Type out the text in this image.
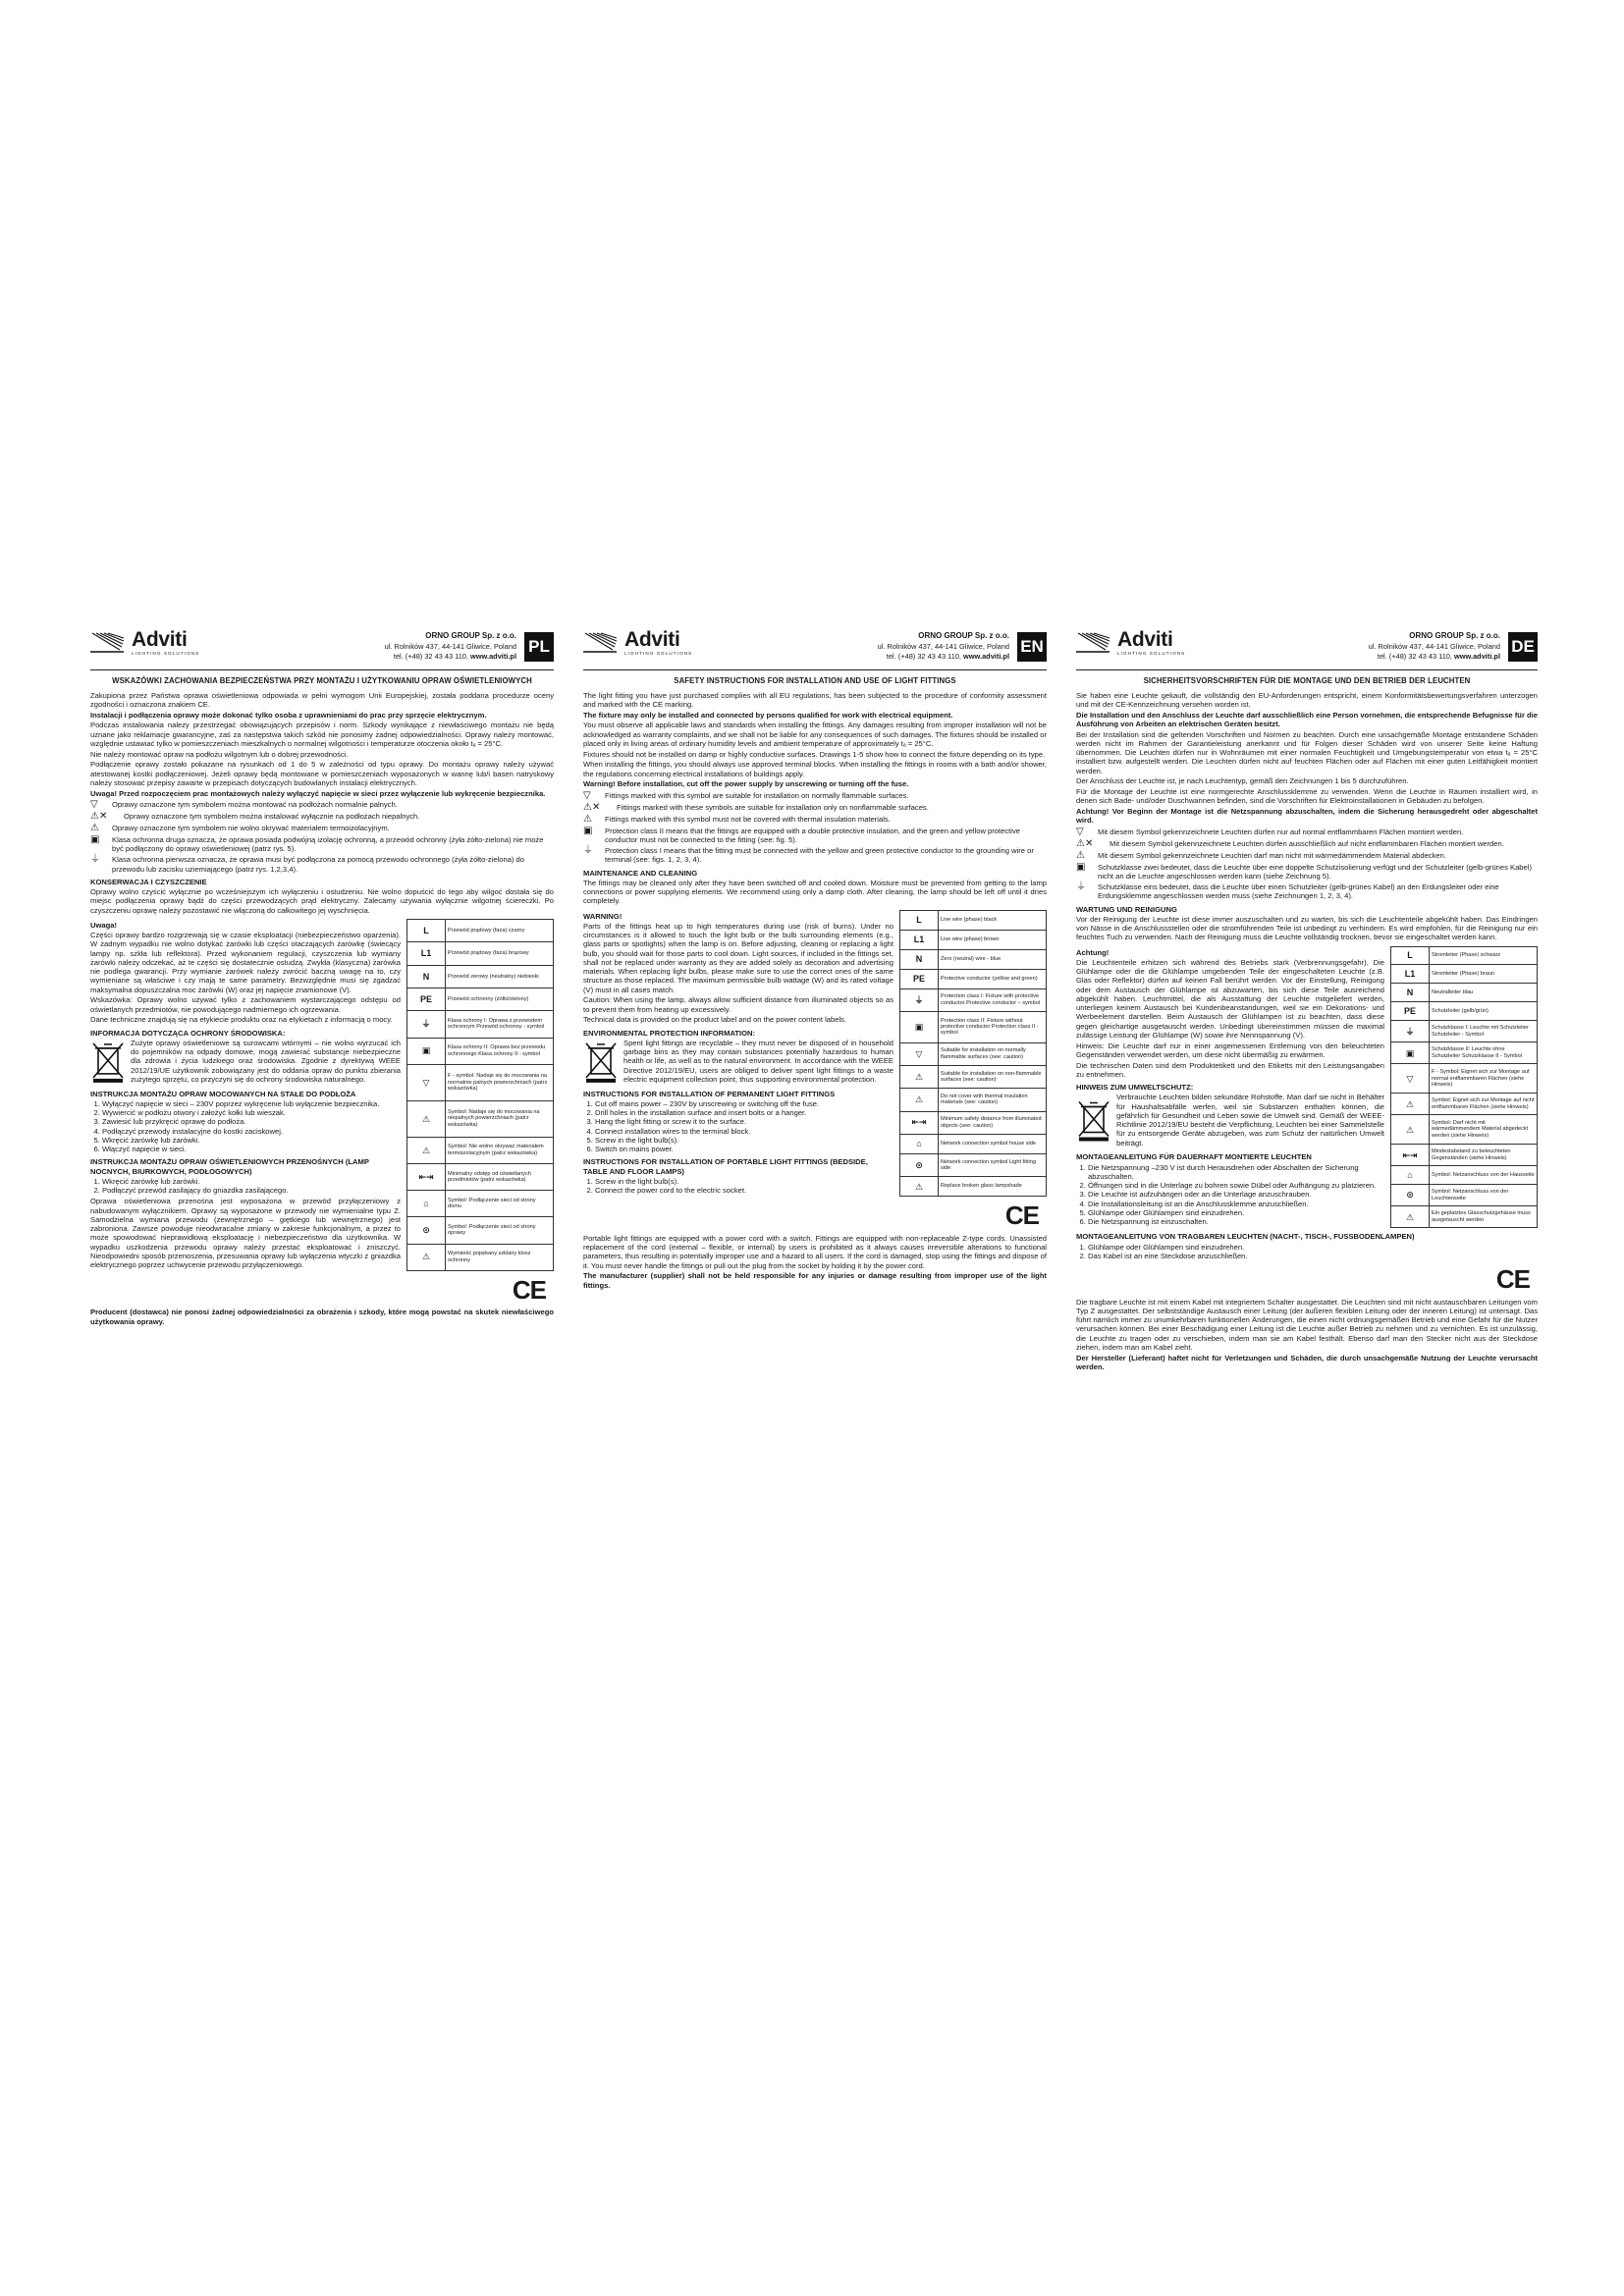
Adviti
LIGHTING SOLUTIONS
ORNO GROUP Sp. z o.o.
ul. Rolników 437, 44-141 Gliwice, Poland
tel. (+48) 32 43 43 110, www.adviti.pl
PL
WSKAZÓWKI ZACHOWANIA BEZPIECZEŃSTWA PRZY MONTAŻU I UŻYTKOWANIU OPRAW OŚWIETLENIOWYCH

Zakupiona przez Państwa oprawa oświetleniowa odpowiada w pełni wymogom Unii Europejskiej, została poddana procedurze oceny zgodności i oznaczona znakiem CE.

Instalacji i podłączenia oprawy może dokonać tylko osoba z uprawnieniami do prac przy sprzęcie elektrycznym.

Podczas instalowania należy przestrzegać obowiązujących przepisów i norm. Szkody wynikające z niewłaściwego montażu nie będą uznane jako reklamacje gwarancyjne, zaś za następstwa takich szkód nie ponosimy żadnej odpowiedzialności. Oprawy należy montować, względnie ustawiać tylko w pomieszczeniach mieszkalnych o normalnej wilgotności i temperaturze otoczenia około tₐ = 25°C.

Nie należy montować opraw na podłożu wilgotnym lub o dobrej przewodności.

Podłączenie oprawy zostało pokazane na rysunkach od 1 do 5 w zależności od typu oprawy. Do montażu oprawy należy używać atestowanej kostki podłączeniowej. Jeżeli oprawy będą montowane w pomieszczeniach wyposażonych w wannę lub/i basen natryskowy należy stosować przepisy zawarte w przepisach dotyczących budowlanych instalacji elektrycznych.

Uwaga! Przed rozpoczęciem prac montażowych należy wyłączyć napięcie w sieci przez wyłączenie lub wykręcenie bezpiecznika.

▽	Oprawy oznaczone tym symbolem można montować na podłożach normalnie palnych.
⚠✕	Oprawy oznaczone tym symbolem można instalować wyłącznie na podłożach niepalnych.
⚠	Oprawy oznaczone tym symbolem nie wolno okrywać materiałem termoizolacyjnym.
▣	Klasa ochronna druga oznacza, że oprawa posiada podwójną izolację ochronną, a przewód ochronny (żyła żółto-zielona) nie może być podłączony do oprawy oświetleniowej (patrz rys. 5).
⏚	Klasa ochronna pierwsza oznacza, że oprawa musi być podłączona za pomocą przewodu ochronnego (żyła żółto-zielona) do przewodu lub zacisku uziemiającego (patrz rys. 1,2,3,4).
KONSERWACJA I CZYSZCZENIE

Oprawy wolno czyścić wyłącznie po wcześniejszym ich wyłączeniu i ostudzeniu. Nie wolno dopuścić do tego aby wilgoć dostała się do miejsc podłączenia oprawy bądź do części przewodzących prąd elektryczny. Zalecamy używania wyłącznie wilgotnej ściereczki. Po czyszczeniu oprawę należy pozostawić nie włączoną do całkowitego jej wyschnięcia.

Uwaga!

Części oprawy bardzo rozgrzewają się w czasie eksploatacji (niebezpieczeństwo oparzenia). W żadnym wypadku nie wolno dotykać żarówki lub części otaczających żarówkę (świecący lampy np. szkła lub reflektora). Przed wykonaniem regulacji, czyszczenia lub wymiany żarówki należy odczekać, aż te części się dostatecznie ostudzą. Zwykła (klasyczna) żarówka nie podlega gwarancji. Przy wymianie żarówek należy zwrócić baczną uwagę na to, czy wymieniane są właściwe i czy mają te same parametry. Bezwzględnie musi się zgadzać maksymalna dopuszczalna moc żarówki (W) oraz jej napięcie znamionowe (V).

Wskazówka: Oprawy wolno używać tylko z zachowaniem wystarczającego odstępu od oświetlanych przedmiotów, nie powodującego nadmiernego ich ogrzewania.

Dane techniczne znajdują się na etykiecie produktu oraz na etykietach z informacją o mocy.

INFORMACJA DOTYCZĄCA OCHRONY ŚRODOWISKA:

Zużyte oprawy oświetleniowe są surowcami wtórnymi – nie wolno wyrzucać ich do pojemników na odpady domowe, mogą zawierać substancje niebezpieczne dla zdrowia i życia ludzkiego oraz środowiska. Zgodnie z dyrektywą WEEE 2012/19/UE użytkownik zobowiązany jest do oddania opraw do punktu zbierania zużytego sprzętu, co przyczyni się do ochrony środowiska naturalnego.

INSTRUKCJA MONTAŻU OPRAW MOCOWANYCH NA STAŁE DO PODŁOŻA
1. Wyłączyć napięcie w sieci – 230V poprzez wykręcenie lub wyłączenie bezpiecznika.
2. Wywiercić w podłożu otwory i założyć kołki lub wieszak.
3. Zawiesić lub przykręcić oprawę do podłoża.
4. Podłączyć przewody instalacyjne do kostki zaciskowej.
5. Wkręcić żarówkę lub żarówki.
6. Włączyć napięcie w sieci.
INSTRUKCJA MONTAŻU OPRAW OŚWIETLENIOWYCH PRZENOŚNYCH (LAMP NOCNYCH, BIURKOWYCH, PODŁOGOWYCH)
1. Wkręcić żarówkę lub żarówki.
2. Podłączyć przewód zasilający do gniazdka zasilającego.

Oprawa oświetleniowa przenośna jest wyposażona w przewód przyłączeniowy z nabudowanym wyłącznikiem. Oprawy są wyposażone w przewody nie wymienialne typu Z. Samodzielna wymiana przewodu (zewnętrznego – giętkiego lub wewnętrznego) jest zabroniona. Zawsze powoduje nieodwracalne zmiany w zakresie funkcjonalnym, a przez to może spowodować nieprawidłową eksploatację i niebezpieczeństwo dla użytkownika. W wypadku uszkodzenia przewodu oprawy należy przestać eksploatować i zniszczyć. Nieodpowiedni sposób przenoszenia, przesuwania oprawy lub wyłączenia wtyczki z gniazdka elektrycznego poprzez uchwycenie przewodu przyłączeniowego.

L	Przewód prądowy (faza) czarny
L1	Przewód prądowy (faza) brązowy
N	Przewód zerowy (neutralny) niebieski
PE	Przewód ochronny (żółto/zielony)
⏚	Klasa ochrony I: Oprawa z przewodem ochronnym Przewód ochronny - symbol
▣	Klasa ochrony II: Oprawa bez przewodu ochronnego Klasa ochrony II - symbol
▽	F - symbol: Nadaje się do mocowania na normalnie palnych powierzchniach (patrz wskazówka)
⚠	Symbol: Nadaje się do mocowania na niepalnych powierzchniach (patrz wskazówka)
⚠	Symbol: Nie wolno okrywać materiałem termoizolacyjnym (patrz wskazówka)
⇤⇥	Minimalny odstęp od oświetlanych przedmiotów (patrz wskazówka)
⌂	Symbol: Podłączenie sieci od strony domu
⊙	Symbol: Podłączenie sieci od strony oprawy
⚠	Wymienić popękany szklany klosz ochronny
CE

Producent (dostawca) nie ponosi żadnej odpowiedzialności za obrażenia i szkody, które mogą powstać na skutek niewłaściwego użytkowania oprawy.

Adviti
LIGHTING SOLUTIONS
ORNO GROUP Sp. z o.o.
ul. Rolników 437, 44-141 Gliwice, Poland
tel. (+48) 32 43 43 110, www.adviti.pl
EN
SAFETY INSTRUCTIONS FOR INSTALLATION AND USE OF LIGHT FITTINGS

The light fitting you have just purchased complies with all EU regulations, has been subjected to the procedure of conformity assessment and marked with the CE marking.

The fixture may only be installed and connected by persons qualified for work with electrical equipment.

You must observe all applicable laws and standards when installing the fittings. Any damages resulting from improper installation will not be acknowledged as warranty complaints, and we shall not be liable for any consequences of such damages. The fixtures should be installed or placed only in living areas of ordinary humidity levels and ambient temperature of approximately tₐ = 25°C.

Fixtures should not be installed on damp or highly conductive surfaces. Drawings 1-5 show how to connect the fixture depending on its type.

When installing the fittings, you should always use approved terminal blocks. When installing the fittings in rooms with a bath and/or shower, the regulations concerning electrical installations of buildings apply.

Warning! Before installation, cut off the power supply by unscrewing or turning off the fuse.

▽	Fittings marked with this symbol are suitable for installation on normally flammable surfaces.
⚠✕	Fittings marked with these symbols are suitable for installation only on nonflammable surfaces.
⚠	Fittings marked with this symbol must not be covered with thermal insulation materials.
▣	Protection class II means that the fittings are equipped with a double protective insulation, and the green and yellow protective conductor must not be connected to the fitting (see: fig. 5).
⏚	Protection class I means that the fitting must be connected with the yellow and green protective conductor to the grounding wire or terminal (see: figs. 1, 2, 3, 4).
MAINTENANCE AND CLEANING

The fittings may be cleaned only after they have been switched off and cooled down. Moisture must be prevented from getting to the lamp connections or power supplying elements. We recommend using only a damp cloth. After cleaning, the lamp should be left off until it dries completely.

WARNING!

Parts of the fittings heat up to high temperatures during use (risk of burns). Under no circumstances is it allowed to touch the light bulb or the bulb surrounding elements (e.g., glass parts or spotlights) when the lamp is on. Before adjusting, cleaning or replacing a light bulb, you should wait for those parts to cool down. Light sources, if included in the fittings set, shall not be replaced under warranty as they are added solely as decoration and advertising materials. When replacing light bulbs, please make sure to use the correct ones of the same structure as those replaced. The maximum permissible bulb wattage (W) and its rated voltage (V) must in all cases match.

Caution: When using the lamp, always allow sufficient distance from illuminated objects so as to prevent them from heating up excessively.

Technical data is provided on the product label and on the power content labels.

ENVIRONMENTAL PROTECTION INFORMATION:

Spent light fittings are recyclable – they must never be disposed of in household garbage bins as they may contain substances potentially hazardous to human health or life, as well as to the natural environment. In accordance with the WEEE Directive 2012/19/EU, users are obliged to deliver spent light fittings to a waste electric equipment collection point, thus supporting environmental protection.

INSTRUCTIONS FOR INSTALLATION OF PERMANENT LIGHT FITTINGS
1. Cut off mains power – 230V by unscrewing or switching off the fuse.
2. Drill holes in the installation surface and insert bolts or a hanger.
3. Hang the light fitting or screw it to the surface.
4. Connect installation wires to the terminal block.
5. Screw in the light bulb(s).
6. Switch on mains power.
INSTRUCTIONS FOR INSTALLATION OF PORTABLE LIGHT FITTINGS (BEDSIDE, TABLE AND FLOOR LAMPS)
1. Screw in the light bulb(s).
2. Connect the power cord to the electric socket.
L	Live wire (phase) black
L1	Live wire (phase) brown
N	Zero (neutral) wire - blue
PE	Protective conductor (yellow and green)
⏚	Protection class I: Fixture with protective conductor Protective conductor – symbol
▣	Protection class II: Fixture without protective conductor Protection class II - symbol
▽	Suitable for installation on normally flammable surfaces (see: caution)
⚠	Suitable for installation on non-flammable surfaces (see: caution)
⚠	Do not cover with thermal insulation materials (see: caution)
⇤⇥	Minimum safety distance from illuminated objects (see: caution)
⌂	Network connection symbol house side
⊙	Network connection symbol Light fitting side
⚠	Replace broken glass lampshade
CE

Portable light fittings are equipped with a power cord with a switch. Fittings are equipped with non-replaceable Z-type cords. Unassisted replacement of the cord (external – flexible, or internal) by users is prohibited as it always causes irreversible alterations to functional parameters, thus resulting in potentially improper use and a hazard to all users. If the cord is damaged, stop using the fittings and dispose of it. You must never handle the fittings or pull out the plug from the socket by holding it by the power cord.

The manufacturer (supplier) shall not be held responsible for any injuries or damage resulting from improper use of the light fittings.

Adviti
LIGHTING SOLUTIONS
ORNO GROUP Sp. z o.o.
ul. Rolników 437, 44-141 Gliwice, Poland
tel. (+48) 32 43 43 110, www.adviti.pl
DE
SICHERHEITSVORSCHRIFTEN FÜR DIE MONTAGE UND DEN BETRIEB DER LEUCHTEN

Sie haben eine Leuchte gekauft, die vollständig den EU-Anforderungen entspricht, einem Konformitätsbewertungsverfahren unterzogen und mit der CE-Kennzeichnung versehen worden ist.

Die Installation und den Anschluss der Leuchte darf ausschließlich eine Person vornehmen, die entsprechende Befugnisse für die Ausführung von Arbeiten an elektrischen Geräten besitzt.

Bei der Installation sind die geltenden Vorschriften und Normen zu beachten. Durch eine unsachgemäße Montage entstandene Schäden werden nicht im Rahmen der Garantieleistung anerkannt und für Folgen dieser Schäden wird von unserer Seite keine Haftung übernommen. Die Leuchten dürfen nur in Wohnräumen mit einer normalen Feuchtigkeit und Umgebungstemperatur von etwa tₐ = 25°C installiert bzw. aufgestellt werden. Die Leuchten dürfen nicht auf feuchten Flächen oder auf Flächen mit einer guten Leitfähigkeit montiert werden.

Der Anschluss der Leuchte ist, je nach Leuchtentyp, gemäß den Zeichnungen 1 bis 5 durchzuführen.

Für die Montage der Leuchte ist eine normgerechte Anschlussklemme zu verwenden. Wenn die Leuchte in Räumen installiert wird, in denen sich Bade- und/oder Duschwannen befinden, sind die Vorschriften für Elektroinstallationen in Gebäuden zu befolgen.

Achtung! Vor Beginn der Montage ist die Netzspannung abzuschalten, indem die Sicherung herausgedreht oder abgeschaltet wird.

▽	Mit diesem Symbol gekennzeichnete Leuchten dürfen nur auf normal entflammbaren Flächen montiert werden.
⚠✕	Mit diesem Symbol gekennzeichnete Leuchten dürfen ausschließlich auf nicht entflammbaren Flächen montiert werden.
⚠	Mit diesem Symbol gekennzeichnete Leuchten darf man nicht mit wärmedämmendem Material abdecken.
▣	Schutzklasse zwei bedeutet, dass die Leuchte über eine doppelte Schutzisolierung verfügt und der Schutzleiter (gelb-grünes Kabel) nicht an die Leuchte angeschlossen werden kann (siehe Zeichnung 5).
⏚	Schutzklasse eins bedeutet, dass die Leuchte über einen Schutzleiter (gelb-grünes Kabel) an den Erdungsleiter oder eine Erdungsklemme angeschlossen werden muss (siehe Zeichnungen 1, 2, 3, 4).
WARTUNG UND REINIGUNG

Vor der Reinigung der Leuchte ist diese immer auszuschalten und zu warten, bis sich die Leuchtenteile abgekühlt haben. Das Eindringen von Nässe in die Anschlussstellen oder die stromführenden Teile ist unbedingt zu verhindern. Es wird empfohlen, für die Reinigung nur ein feuchtes Tuch zu verwenden. Nach der Reinigung muss die Leuchte vollständig trocknen, bevor sie eingeschaltet werden kann.

Achtung!

Die Leuchtenteile erhitzen sich während des Betriebs stark (Verbrennungsgefahr). Die Glühlampe oder die die Glühlampe umgebenden Teile der eingeschalteten Leuchte (z.B. Glas oder Reflektor) dürfen auf keinen Fall berührt werden. Vor der Einstellung, Reinigung oder dem Austausch der Glühlampe ist abzuwarten, bis sich diese Teile ausreichend abgekühlt haben. Leuchtmittel, die als Ausstattung der Leuchte mitgeliefert werden, unterliegen keinem Austausch bei Kundenbeanstandungen, weil sie ein Dekorations- und Werbeelement darstellen. Beim Austausch der Glühlampen ist zu beachten, dass diese gegen gleichartige ausgetauscht werden. Unbedingt übereinstimmen müssen die maximal zulässige Leistung der Glühlampe (W) sowie ihre Nennspannung (V).

Hinweis: Die Leuchte darf nur in einer angemessenen Entfernung von den beleuchteten Gegenständen verwendet werden, um diese nicht übermäßig zu erwärmen.

Die technischen Daten sind dem Produktetikett und den Etiketts mit den Leistungsangaben zu entnehmen.

HINWEIS ZUM UMWELTSCHUTZ:

Verbrauchte Leuchten bilden sekundäre Rohstoffe. Man darf sie nicht in Behälter für Haushaltsabfälle werfen, weil sie Substanzen enthalten können, die gefährlich für Gesundheit und Leben sowie die Umwelt sind. Gemäß der WEEE-Richtlinie 2012/19/EU besteht die Verpflichtung, Leuchten bei einer Sammelstelle für zu entsorgende Geräte abzugeben, was zum Schutz der natürlichen Umwelt beiträgt.

MONTAGEANLEITUNG FÜR DAUERHAFT MONTIERTE LEUCHTEN
1. Die Netzspannung –230 V ist durch Herausdrehen oder Abschalten der Sicherung abzuschalten.
2. Öffnungen sind in die Unterlage zu bohren sowie Dübel oder Aufhängung zu platzieren.
3. Die Leuchte ist aufzuhängen oder an die Unterlage anzuschrauben.
4. Die Installationsleitung ist an die Anschlussklemme anzuschließen.
5. Glühlampe oder Glühlampen sind einzudrehen.
6. Die Netzspannung ist einzuschalten.
L	Stromleiter (Phase) schwarz
L1	Stromleiter (Phase) braun
N	Neutralleiter blau
PE	Schutzleiter (gelb/grün)
⏚	Schutzklasse I: Leuchte mit Schutzleiter Schutzleiter - Symbol
▣	Schutzklasse II: Leuchte ohne Schutzleiter Schutzklasse II - Symbol
▽	F - Symbol: Eignet sich zur Montage auf normal entflammbaren Flächen (siehe Hinweis)
⚠	Symbol: Eignet sich zur Montage auf nicht entflammbaren Flächen (siehe Hinweis)
⚠	Symbol: Darf nicht mit wärmedämmendem Material abgedeckt werden (siehe Hinweis)
⇤⇥	Mindestabstand zu beleuchteten Gegenständen (siehe Hinweis)
⌂	Symbol: Netzanschluss von der Hausseite
⊙	Symbol: Netzanschluss von der Leuchtenseite
⚠	Ein geplatztes Glasschutzgehäuse muss ausgetauscht werden
MONTAGEANLEITUNG VON TRAGBAREN LEUCHTEN (NACHT-, TISCH-, FUSSBODENLAMPEN)
1. Glühlampe oder Glühlampen sind einzudrehen.
2. Das Kabel ist an eine Steckdose anzuschließen.
CE

Die tragbare Leuchte ist mit einem Kabel mit integriertem Schalter ausgestattet. Die Leuchten sind mit nicht austauschbaren Leitungen vom Typ Z ausgestattet. Der selbstständige Austausch einer Leitung (der äußeren flexiblen Leitung oder der inneren Leitung) ist untersagt. Das führt nämlich immer zu unumkehrbaren funktionellen Änderungen, die einen nicht ordnungsgemäßen Betrieb und eine Gefahr für die Nutzer verursachen können. Bei einer Beschädigung einer Leitung ist die Leuchte außer Betrieb zu nehmen und zu vernichten. Es ist unzulässig, die Leuchte zu tragen oder zu verschieben, indem man sie am Kabel festhält. Ebenso darf man den Stecker nicht aus der Steckdose ziehen, indem man am Kabel zieht.

Der Hersteller (Lieferant) haftet nicht für Verletzungen und Schäden, die durch unsachgemäße Nutzung der Leuchte verursacht werden.
